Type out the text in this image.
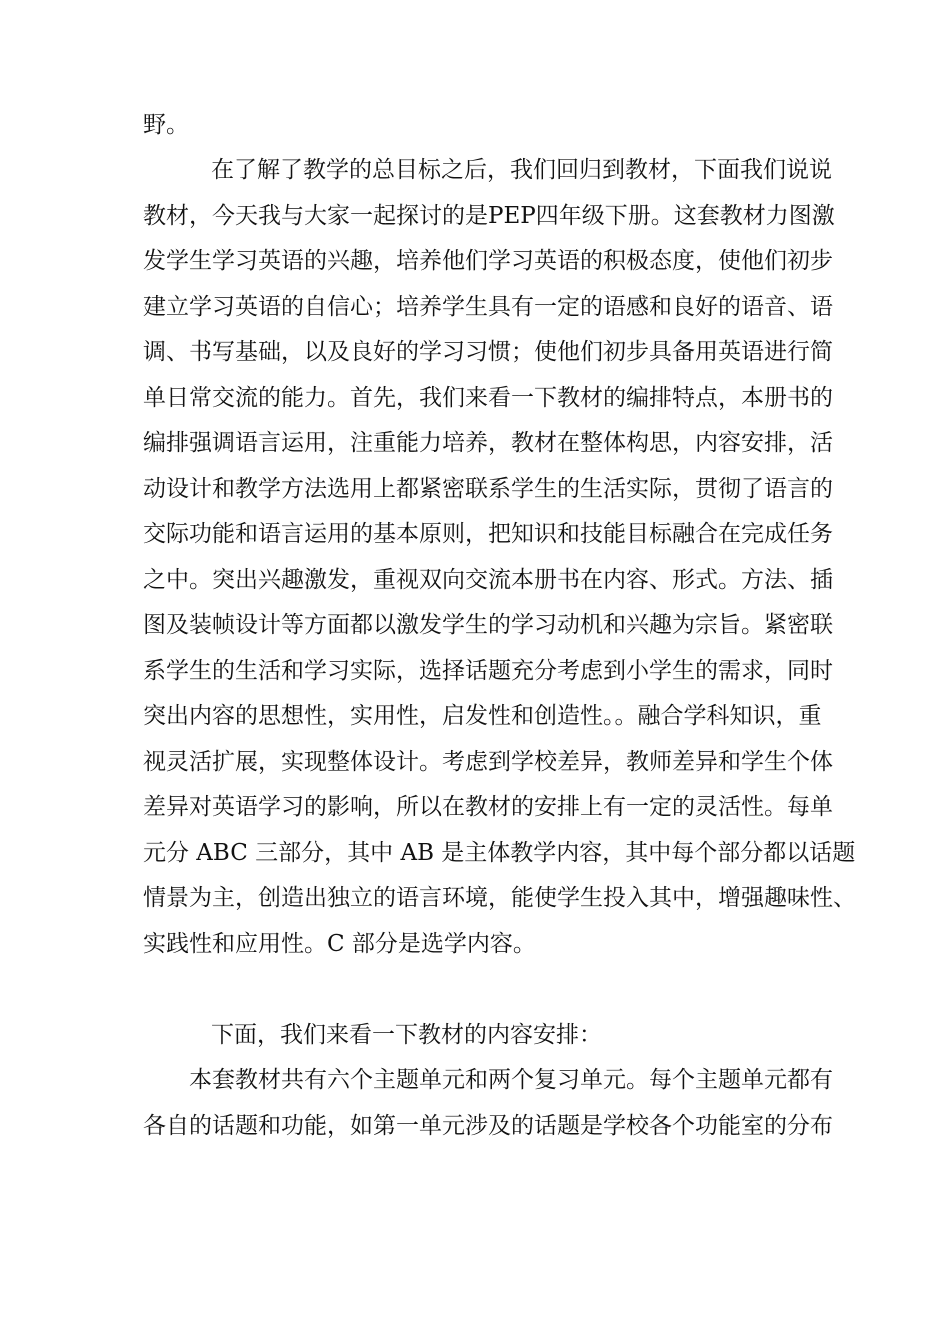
野。
在了解了教学的总目标之后，我们回归到教材，下面我们说说
教材，今天我与大家一起探讨的是PEP四年级下册。这套教材力图激
发学生学习英语的兴趣，培养他们学习英语的积极态度，使他们初步
建立学习英语的自信心；培养学生具有一定的语感和良好的语音、语
调、书写基础，以及良好的学习习惯；使他们初步具备用英语进行简
单日常交流的能力。首先，我们来看一下教材的编排特点，本册书的
编排强调语言运用，注重能力培养，教材在整体构思，内容安排，活
动设计和教学方法选用上都紧密联系学生的生活实际，贯彻了语言的
交际功能和语言运用的基本原则，把知识和技能目标融合在完成任务
之中。突出兴趣激发，重视双向交流本册书在内容、形式。方法、插
图及装帧设计等方面都以激发学生的学习动机和兴趣为宗旨。紧密联
系学生的生活和学习实际，选择话题充分考虑到小学生的需求，同时
突出内容的思想性，实用性，启发性和创造性。。融合学科知识，重
视灵活扩展，实现整体设计。考虑到学校差异，教师差异和学生个体
差异对英语学习的影响，所以在教材的安排上有一定的灵活性。每单
元分 ABC 三部分，其中 AB 是主体教学内容，其中每个部分都以话题
情景为主，创造出独立的语言环境，能使学生投入其中，增强趣味性、
实践性和应用性。C 部分是选学内容。
下面，我们来看一下教材的内容安排：
本套教材共有六个主题单元和两个复习单元。每个主题单元都有
各自的话题和功能，如第一单元涉及的话题是学校各个功能室的分布
